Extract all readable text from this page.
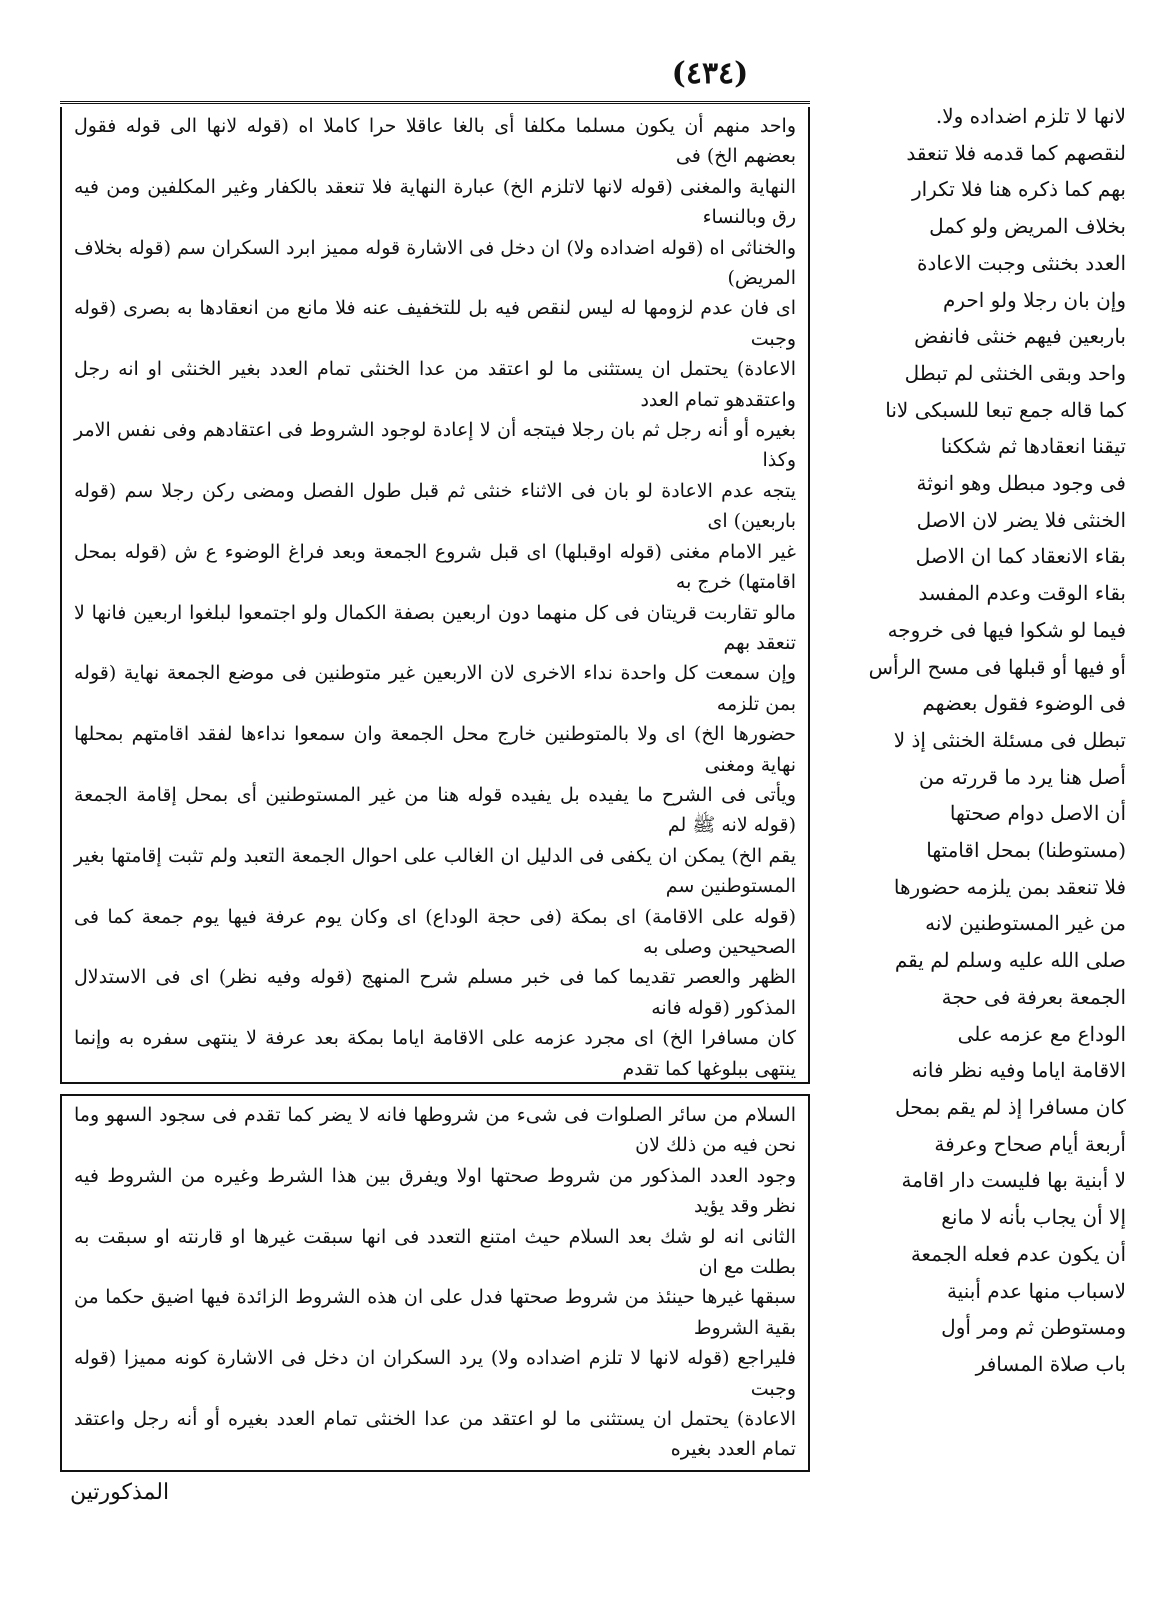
(٤٣٤)
واحد منهم أن يكون مسلما مكلفا أى بالغا عاقلا حرا كاملا اه (قوله لانها الى قوله فقول بعضهم الخ) فى
النهاية والمغنى (قوله لانها لاتلزم الخ) عبارة النهاية فلا تنعقد بالكفار وغير المكلفين ومن فيه رق وبالنساء
والخناثى اه (قوله اضداده ولا) ان دخل فى الاشارة قوله مميز ابرد السكران سم (قوله بخلاف المريض)
اى فان عدم لزومها له ليس لنقص فيه بل للتخفيف عنه فلا مانع من انعقادها به بصرى (قوله وجبت
الاعادة) يحتمل ان يستثنى ما لو اعتقد من عدا الخنثى تمام العدد بغير الخنثى او انه رجل واعتقدهو تمام العدد
بغيره أو أنه رجل ثم بان رجلا فيتجه أن لا إعادة لوجود الشروط فى اعتقادهم وفى نفس الامر وكذا
يتجه عدم الاعادة لو بان فى الاثناء خنثى ثم قبل طول الفصل ومضى ركن رجلا سم (قوله باربعين) اى
غير الامام مغنى (قوله اوقبلها) اى قبل شروع الجمعة وبعد فراغ الوضوء ع ش (قوله بمحل اقامتها) خرج به
مالو تقاربت قريتان فى كل منهما دون اربعين بصفة الكمال ولو اجتمعوا لبلغوا اربعين فانها لا تنعقد بهم
وإن سمعت كل واحدة نداء الاخرى لان الاربعين غير متوطنين فى موضع الجمعة نهاية (قوله بمن تلزمه
حضورها الخ) اى ولا بالمتوطنين خارج محل الجمعة وان سمعوا نداءها لفقد اقامتهم بمحلها نهاية ومغنى
ويأتى فى الشرح ما يفيده بل يفيده قوله هنا من غير المستوطنين أى بمحل إقامة الجمعة (قوله لانه ﷺ لم
يقم الخ) يمكن ان يكفى فى الدليل ان الغالب على احوال الجمعة التعبد ولم تثبت إقامتها بغير المستوطنين سم
(قوله على الاقامة) اى بمكة (فى حجة الوداع) اى وكان يوم عرفة فيها يوم جمعة كما فى الصحيحين وصلى به
الظهر والعصر تقديما كما فى خبر مسلم شرح المنهج (قوله وفيه نظر) اى فى الاستدلال المذكور (قوله فانه
كان مسافرا الخ) اى مجرد عزمه على الاقامة اياما بمكة بعد عرفة لا ينتهى سفره به وإنما ينتهى ببلوغها كما تقدم
السلام من سائر الصلوات فى شىء من شروطها فانه لا يضر كما تقدم فى سجود السهو وما نحن فيه من ذلك لان
وجود العدد المذكور من شروط صحتها اولا ويفرق بين هذا الشرط وغيره من الشروط فيه نظر وقد يؤيد
الثانى انه لو شك بعد السلام حيث امتنع التعدد فى انها سبقت غيرها او قارنته او سبقت به بطلت مع ان
سبقها غيرها حينئذ من شروط صحتها فدل على ان هذه الشروط الزائدة فيها اضيق حكما من بقية الشروط
فليراجع (قوله لانها لا تلزم اضداده ولا) يرد السكران ان دخل فى الاشارة كونه مميزا (قوله وجبت
الاعادة) يحتمل ان يستثنى ما لو اعتقد من عدا الخنثى تمام العدد بغيره أو أنه رجل واعتقد تمام العدد بغيره
لانها لا تلزم اضداده ولا.
لنقصهم كما قدمه فلا تنعقد
بهم كما ذكره هنا فلا تكرار
بخلاف المريض ولو كمل
العدد بخنثى وجبت الاعادة
وإن بان رجلا ولو احرم
باربعين فيهم خنثى فانفض
واحد وبقى الخنثى لم تبطل
كما قاله جمع تبعا للسبكى لانا
تيقنا انعقادها ثم شككنا
فى وجود مبطل وهو انوثة
الخنثى فلا يضر لان الاصل
بقاء الانعقاد كما ان الاصل
بقاء الوقت وعدم المفسد
فيما لو شكوا فيها فى خروجه
أو فيها أو قبلها فى مسح الرأس
فى الوضوء فقول بعضهم
تبطل فى مسئلة الخنثى إذ لا
أصل هنا يرد ما قررته من
أن الاصل دوام صحتها
(مستوطنا) بمحل اقامتها
فلا تنعقد بمن يلزمه حضورها
من غير المستوطنين لانه
صلى الله عليه وسلم لم يقم
الجمعة بعرفة فى حجة
الوداع مع عزمه على
الاقامة اياما وفيه نظر فانه
كان مسافرا إذ لم يقم بمحل
أربعة أيام صحاح وعرفة
لا أبنية بها فليست دار اقامة
إلا أن يجاب بأنه لا مانع
أن يكون عدم فعله الجمعة
لاسباب منها عدم أبنية
ومستوطن ثم ومر أول
باب صلاة المسافر
المذكورتين
